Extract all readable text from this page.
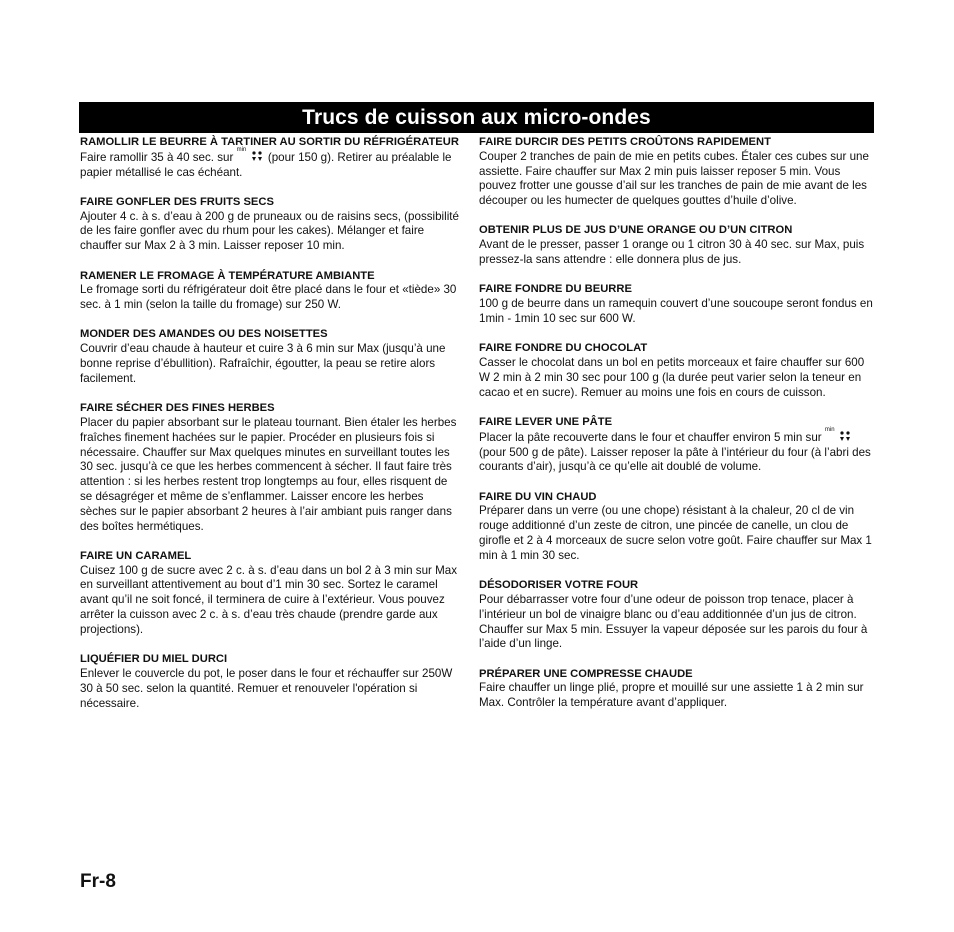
Trucs de cuisson aux micro-ondes
RAMOLLIR LE BEURRE À TARTINER AU SORTIR DU RÉFRIGÉRATEUR

Faire ramollir 35 à 40 sec. sur
min
(pour 150 g). Retirer au préalable le papier métallisé le cas échéant.

FAIRE GONFLER DES FRUITS SECS

Ajouter 4 c. à s. d’eau à 200 g de pruneaux ou de raisins secs, (possibilité de les faire gonfler avec du rhum pour les cakes). Mélanger et faire chauffer sur Max 2 à 3 min. Laisser reposer 10 min.

RAMENER LE FROMAGE À TEMPÉRATURE AMBIANTE

Le fromage sorti du réfrigérateur doit être placé dans le four et «tiède» 30 sec. à 1 min (selon la taille du fromage) sur 250 W.

MONDER DES AMANDES OU DES NOISETTES

Couvrir d’eau chaude à hauteur et cuire 3 à 6 min sur Max (jusqu’à une bonne reprise d’ébullition). Rafraîchir, égoutter, la peau se retire alors facilement.

FAIRE SÉCHER DES FINES HERBES

Placer du papier absorbant sur le plateau tournant. Bien étaler les herbes fraîches finement hachées sur le papier. Procéder en plusieurs fois si nécessaire. Chauffer sur Max quelques minutes en surveillant toutes les 30 sec. jusqu’à ce que les herbes commencent à sécher. Il faut faire très attention : si les herbes restent trop longtemps au four, elles risquent de se désagréger et même de s’enflammer. Laisser encore les herbes sèches sur le papier absorbant 2 heures à l’air ambiant puis ranger dans des boîtes hermétiques.

FAIRE UN CARAMEL

Cuisez 100 g de sucre avec 2 c. à s. d’eau dans un bol 2 à 3 min sur Max en surveillant attentivement au bout d’1 min 30 sec. Sortez le caramel avant qu’il ne soit foncé, il terminera de cuire à l’extérieur. Vous pouvez arrêter la cuisson avec 2 c. à s. d’eau très chaude (prendre garde aux projections).

LIQUÉFIER DU MIEL DURCI

Enlever le couvercle du pot, le poser dans le four et réchauffer sur 250W 30 à 50 sec. selon la quantité. Remuer et renouveler l'opération si nécessaire.

FAIRE DURCIR DES PETITS CROÛTONS RAPIDEMENT

Couper 2 tranches de pain de mie en petits cubes. Étaler ces cubes sur une assiette. Faire chauffer sur Max 2 min puis laisser reposer 5 min. Vous pouvez frotter une gousse d’ail sur les tranches de pain de mie avant de les découper ou les humecter de quelques gouttes d’huile d’olive.

OBTENIR PLUS DE JUS D’UNE ORANGE OU D’UN CITRON

Avant de le presser, passer 1 orange ou 1 citron 30 à 40 sec. sur Max, puis pressez-la sans attendre : elle donnera plus de jus.

FAIRE FONDRE DU BEURRE

100 g de beurre dans un ramequin couvert d’une soucoupe seront fondus en 1min - 1min 10 sec sur 600 W.

FAIRE FONDRE DU CHOCOLAT

Casser le chocolat dans un bol en petits morceaux et faire chauffer sur 600 W 2 min à 2 min 30 sec pour 100 g (la durée peut varier selon la teneur en cacao et en sucre). Remuer au moins une fois en cours de cuisson.

FAIRE LEVER UNE PÂTE

Placer la pâte recouverte dans le four et chauffer environ 5 min sur
min
(pour 500 g de pâte). Laisser reposer la pâte à l’intérieur du four (à l’abri des courants d’air), jusqu’à ce qu’elle ait doublé de volume.

FAIRE DU VIN CHAUD

Préparer dans un verre (ou une chope) résistant à la chaleur, 20 cl de vin rouge additionné d’un zeste de citron, une pincée de canelle, un clou de girofle et 2 à 4 morceaux de sucre selon votre goût. Faire chauffer sur Max 1 min à 1 min 30 sec.

DÉSODORISER VOTRE FOUR

Pour débarrasser votre four d’une odeur de poisson trop tenace, placer à l’intérieur un bol de vinaigre blanc ou d’eau additionnée d’un jus de citron. Chauffer sur Max 5 min. Essuyer la vapeur déposée sur les parois du four à l’aide d’un linge.

PRÉPARER UNE COMPRESSE CHAUDE

Faire chauffer un linge plié, propre et mouillé sur une assiette 1 à 2 min sur Max. Contrôler la température avant d’appliquer.

Fr-8
